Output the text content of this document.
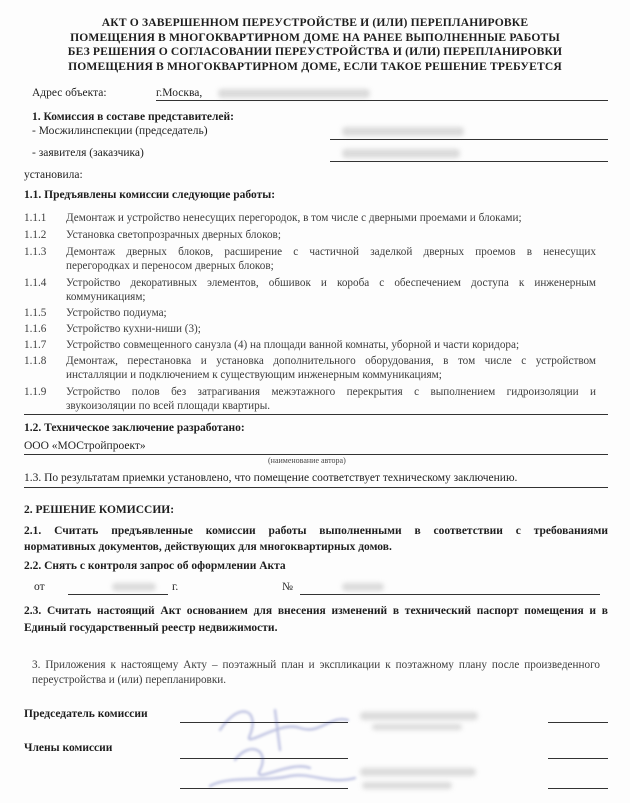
АКТ О ЗАВЕРШЕННОМ ПЕРЕУСТРОЙСТВЕ И (ИЛИ) ПЕРЕПЛАНИРОВКЕ
ПОМЕЩЕНИЯ В МНОГОКВАРТИРНОМ ДОМЕ НА РАНЕЕ ВЫПОЛНЕННЫЕ РАБОТЫ
БЕЗ РЕШЕНИЯ О СОГЛАСОВАНИИ ПЕРЕУСТРОЙСТВА И (ИЛИ) ПЕРЕПЛАНИРОВКИ
ПОМЕЩЕНИЯ В МНОГОКВАРТИРНОМ ДОМЕ, ЕСЛИ ТАКОЕ РЕШЕНИЕ ТРЕБУЕТСЯ
Адрес объекта:	г.Москва,
1. Комиссия в составе представителей:
- Мосжилинспекции (председатель)
- заявителя (заказчика)
установила:
1.1. Предъявлены комиссии следующие работы:
1.1.1 Демонтаж и устройство ненесущих перегородок, в том числе с дверными проемами и блоками;
1.1.2 Установка светопрозрачных дверных блоков;
1.1.3 Демонтаж дверных блоков, расширение с частичной заделкой дверных проемов в ненесущих
перегородках и переносом дверных блоков;
1.1.4 Устройство декоративных элементов, обшивок и короба с обеспечением доступа к инженерным
коммуникациям;
1.1.5 Устройство подиума;
1.1.6 Устройство кухни-ниши (3);
1.1.7 Устройство совмещенного санузла (4) на площади ванной комнаты, уборной и части коридора;
1.1.8 Демонтаж, перестановка и установка дополнительного оборудования, в том числе с устройством
инсталляции и подключением к существующим инженерным коммуникациям;
1.1.9 Устройство полов без затрагивания межэтажного перекрытия с выполнением гидроизоляции и
звукоизоляции по всей площади квартиры.
1.2. Техническое заключение разработано:
ООО «МОСтройпроект»
(наименование автора)
1.3. По результатам приемки установлено, что помещение соответствует техническому заключению.
2. РЕШЕНИЕ КОМИССИИ:
2.1. Считать предъявленные комиссии работы выполненными в соответствии с требованиями
нормативных документов, действующих для многоквартирных домов.
2.2. Снять с контроля запрос об оформлении Акта
от	г.	№
2.3. Считать настоящий Акт основанием для внесения изменений в технический паспорт помещения и в
Единый государственный реестр недвижимости.
3. Приложения к настоящему Акту – поэтажный план и экспликации к поэтажному плану после произведенного
переустройства и (или) перепланировки.
Председатель комиссии
Члены комиссии
